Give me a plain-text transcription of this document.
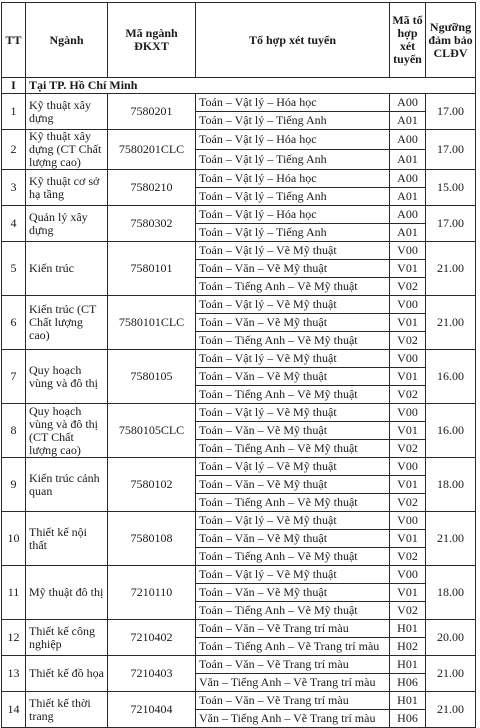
TT	Ngành	Mã ngành ĐKXT	Tổ hợp xét tuyển	Mã tổ hợp xét tuyển	Ngưỡng đảm bảo CLĐV
I	Tại TP. Hồ Chí Minh				
1	Kỹ thuật xây dựng	7580201	Toán – Vật lý – Hóa học	A00	17.00
			Toán – Vật lý – Tiếng Anh	A01	
2	Kỹ thuật xây dựng (CT Chất lượng cao)	7580201CLC	Toán – Vật lý – Hóa học	A00	17.00
			Toán – Vật lý – Tiếng Anh	A01	
3	Kỹ thuật cơ sở hạ tầng	7580210	Toán – Vật lý – Hóa học	A00	15.00
			Toán – Vật lý – Tiếng Anh	A01	
4	Quản lý xây dựng	7580302	Toán – Vật lý – Hóa học	A00	17.00
			Toán – Vật lý – Tiếng Anh	A01	
5	Kiến trúc	7580101	Toán – Vật lý – Vẽ Mỹ thuật	V00	21.00
			Toán – Văn – Vẽ Mỹ thuật	V01	
			Toán – Tiếng Anh – Vẽ Mỹ thuật	V02	
6	Kiến trúc (CT Chất lượng cao)	7580101CLC	Toán – Vật lý – Vẽ Mỹ thuật	V00	21.00
			Toán – Văn – Vẽ Mỹ thuật	V01	
			Toán – Tiếng Anh – Vẽ Mỹ thuật	V02	
7	Quy hoạch vùng và đô thị	7580105	Toán – Vật lý – Vẽ Mỹ thuật	V00	16.00
			Toán – Văn – Vẽ Mỹ thuật	V01	
			Toán – Tiếng Anh – Vẽ Mỹ thuật	V02	
8	Quy hoạch vùng và đô thị (CT Chất lượng cao)	7580105CLC	Toán – Vật lý – Vẽ Mỹ thuật	V00	16.00
			Toán – Văn – Vẽ Mỹ thuật	V01	
			Toán – Tiếng Anh – Vẽ Mỹ thuật	V02	
9	Kiến trúc cảnh quan	7580102	Toán – Vật lý – Vẽ Mỹ thuật	V00	18.00
			Toán – Văn – Vẽ Mỹ thuật	V01	
			Toán – Tiếng Anh – Vẽ Mỹ thuật	V02	
10	Thiết kế nội thất	7580108	Toán – Vật lý – Vẽ Mỹ thuật	V00	21.00
			Toán – Văn – Vẽ Mỹ thuật	V01	
			Toán – Tiếng Anh – Vẽ Mỹ thuật	V02	
11	Mỹ thuật đô thị	7210110	Toán – Vật lý – Vẽ Mỹ thuật	V00	18.00
			Toán – Văn – Vẽ Mỹ thuật	V01	
			Toán – Tiếng Anh – Vẽ Mỹ thuật	V02	
12	Thiết kế công nghiệp	7210402	Toán – Văn – Vẽ Trang trí màu	H01	20.00
			Toán – Tiếng Anh – Vẽ Trang trí màu	H02	
13	Thiết kế đồ họa	7210403	Toán – Văn – Vẽ Trang trí màu	H01	21.00
			Văn – Tiếng Anh – Vẽ Trang trí màu	H06	
14	Thiết kế thời trang	7210404	Toán – Văn – Vẽ Trang trí màu	H01	21.00
			Văn – Tiếng Anh – Vẽ Trang trí màu	H06	
